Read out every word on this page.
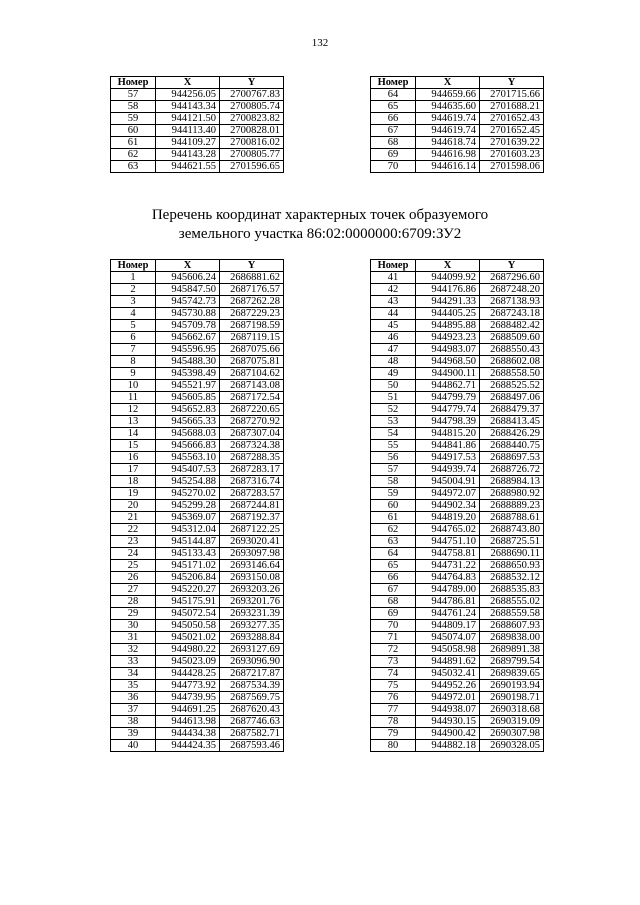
132
Номер	X	Y
57	944256.05	2700767.83
58	944143.34	2700805.74
59	944121.50	2700823.82
60	944113.40	2700828.01
61	944109.27	2700816.02
62	944143.28	2700805.77
63	944621.55	2701596.65
Номер	X	Y
64	944659.66	2701715.66
65	944635.60	2701688.21
66	944619.74	2701652.43
67	944619.74	2701652.45
68	944618.74	2701639.22
69	944616.98	2701603.23
70	944616.14	2701598.06
Перечень координат характерных точек образуемого
земельного участка 86:02:0000000:6709:ЗУ2
Номер	X	Y
1	945606.24	2686881.62
2	945847.50	2687176.57
3	945742.73	2687262.28
4	945730.88	2687229.23
5	945709.78	2687198.59
6	945662.67	2687119.15
7	945596.95	2687075.66
8	945488.30	2687075.81
9	945398.49	2687104.62
10	945521.97	2687143.08
11	945605.85	2687172.54
12	945652.83	2687220.65
13	945665.33	2687270.92
14	945688.03	2687307.04
15	945666.83	2687324.38
16	945563.10	2687288.35
17	945407.53	2687283.17
18	945254.88	2687316.74
19	945270.02	2687283.57
20	945299.28	2687244.81
21	945369.07	2687192.37
22	945312.04	2687122.25
23	945144.87	2693020.41
24	945133.43	2693097.98
25	945171.02	2693146.64
26	945206.84	2693150.08
27	945220.27	2693203.26
28	945175.91	2693201.76
29	945072.54	2693231.39
30	945050.58	2693277.35
31	945021.02	2693288.84
32	944980.22	2693127.69
33	945023.09	2693096.90
34	944428.25	2687217.87
35	944773.92	2687534.39
36	944739.95	2687569.75
37	944691.25	2687620.43
38	944613.98	2687746.63
39	944434.38	2687582.71
40	944424.35	2687593.46
Номер	X	Y
41	944099.92	2687296.60
42	944176.86	2687248.20
43	944291.33	2687138.93
44	944405.25	2687243.18
45	944895.88	2688482.42
46	944923.23	2688509.60
47	944983.07	2688550.43
48	944968.50	2688602.08
49	944900.11	2688558.50
50	944862.71	2688525.52
51	944799.79	2688497.06
52	944779.74	2688479.37
53	944798.39	2688413.45
54	944815.20	2688426.29
55	944841.86	2688440.75
56	944917.53	2688697.53
57	944939.74	2688726.72
58	945004.91	2688984.13
59	944972.07	2688980.92
60	944902.34	2688889.23
61	944819.20	2688788.61
62	944765.02	2688743.80
63	944751.10	2688725.51
64	944758.81	2688690.11
65	944731.22	2688650.93
66	944764.83	2688532.12
67	944789.00	2688535.83
68	944786.81	2688555.02
69	944761.24	2688559.58
70	944809.17	2688607.93
71	945074.07	2689838.00
72	945058.98	2689891.38
73	944891.62	2689799.54
74	945032.41	2689839.65
75	944952.26	2690193.94
76	944972.01	2690198.71
77	944938.07	2690318.68
78	944930.15	2690319.09
79	944900.42	2690307.98
80	944882.18	2690328.05
